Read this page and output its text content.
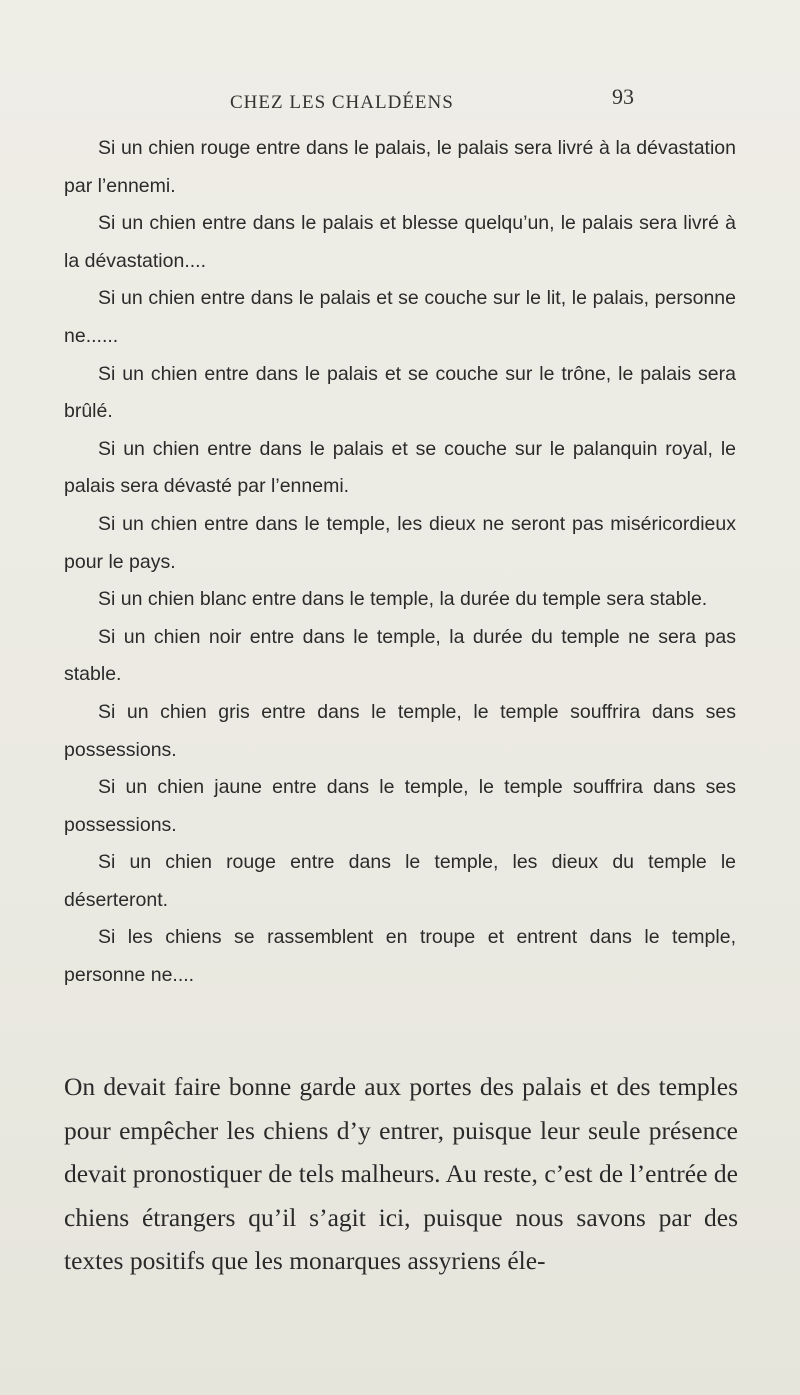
CHEZ LES CHALDÉENS	93

Si un chien rouge entre dans le palais, le palais sera livré à la dévastation par l’ennemi.

Si un chien entre dans le palais et blesse quelqu’un, le palais sera livré à la dévastation....

Si un chien entre dans le palais et se couche sur le lit, le palais, personne ne......

Si un chien entre dans le palais et se couche sur le trône, le palais sera brûlé.

Si un chien entre dans le palais et se couche sur le palanquin royal, le palais sera dévasté par l’ennemi.

Si un chien entre dans le temple, les dieux ne seront pas miséricordieux pour le pays.

Si un chien blanc entre dans le temple, la durée du temple sera stable.

Si un chien noir entre dans le temple, la durée du temple ne sera pas stable.

Si un chien gris entre dans le temple, le temple souffrira dans ses possessions.

Si un chien jaune entre dans le temple, le temple souffrira dans ses possessions.

Si un chien rouge entre dans le temple, les dieux du temple le déserteront.

Si les chiens se rassemblent en troupe et entrent dans le temple, personne ne....

On devait faire bonne garde aux portes des palais et des temples pour empêcher les chiens d’y entrer, puisque leur seule présence devait pronostiquer de tels malheurs. Au reste, c’est de l’entrée de chiens étrangers qu’il s’agit ici, puisque nous savons par des textes positifs que les monarques assyriens éle-
